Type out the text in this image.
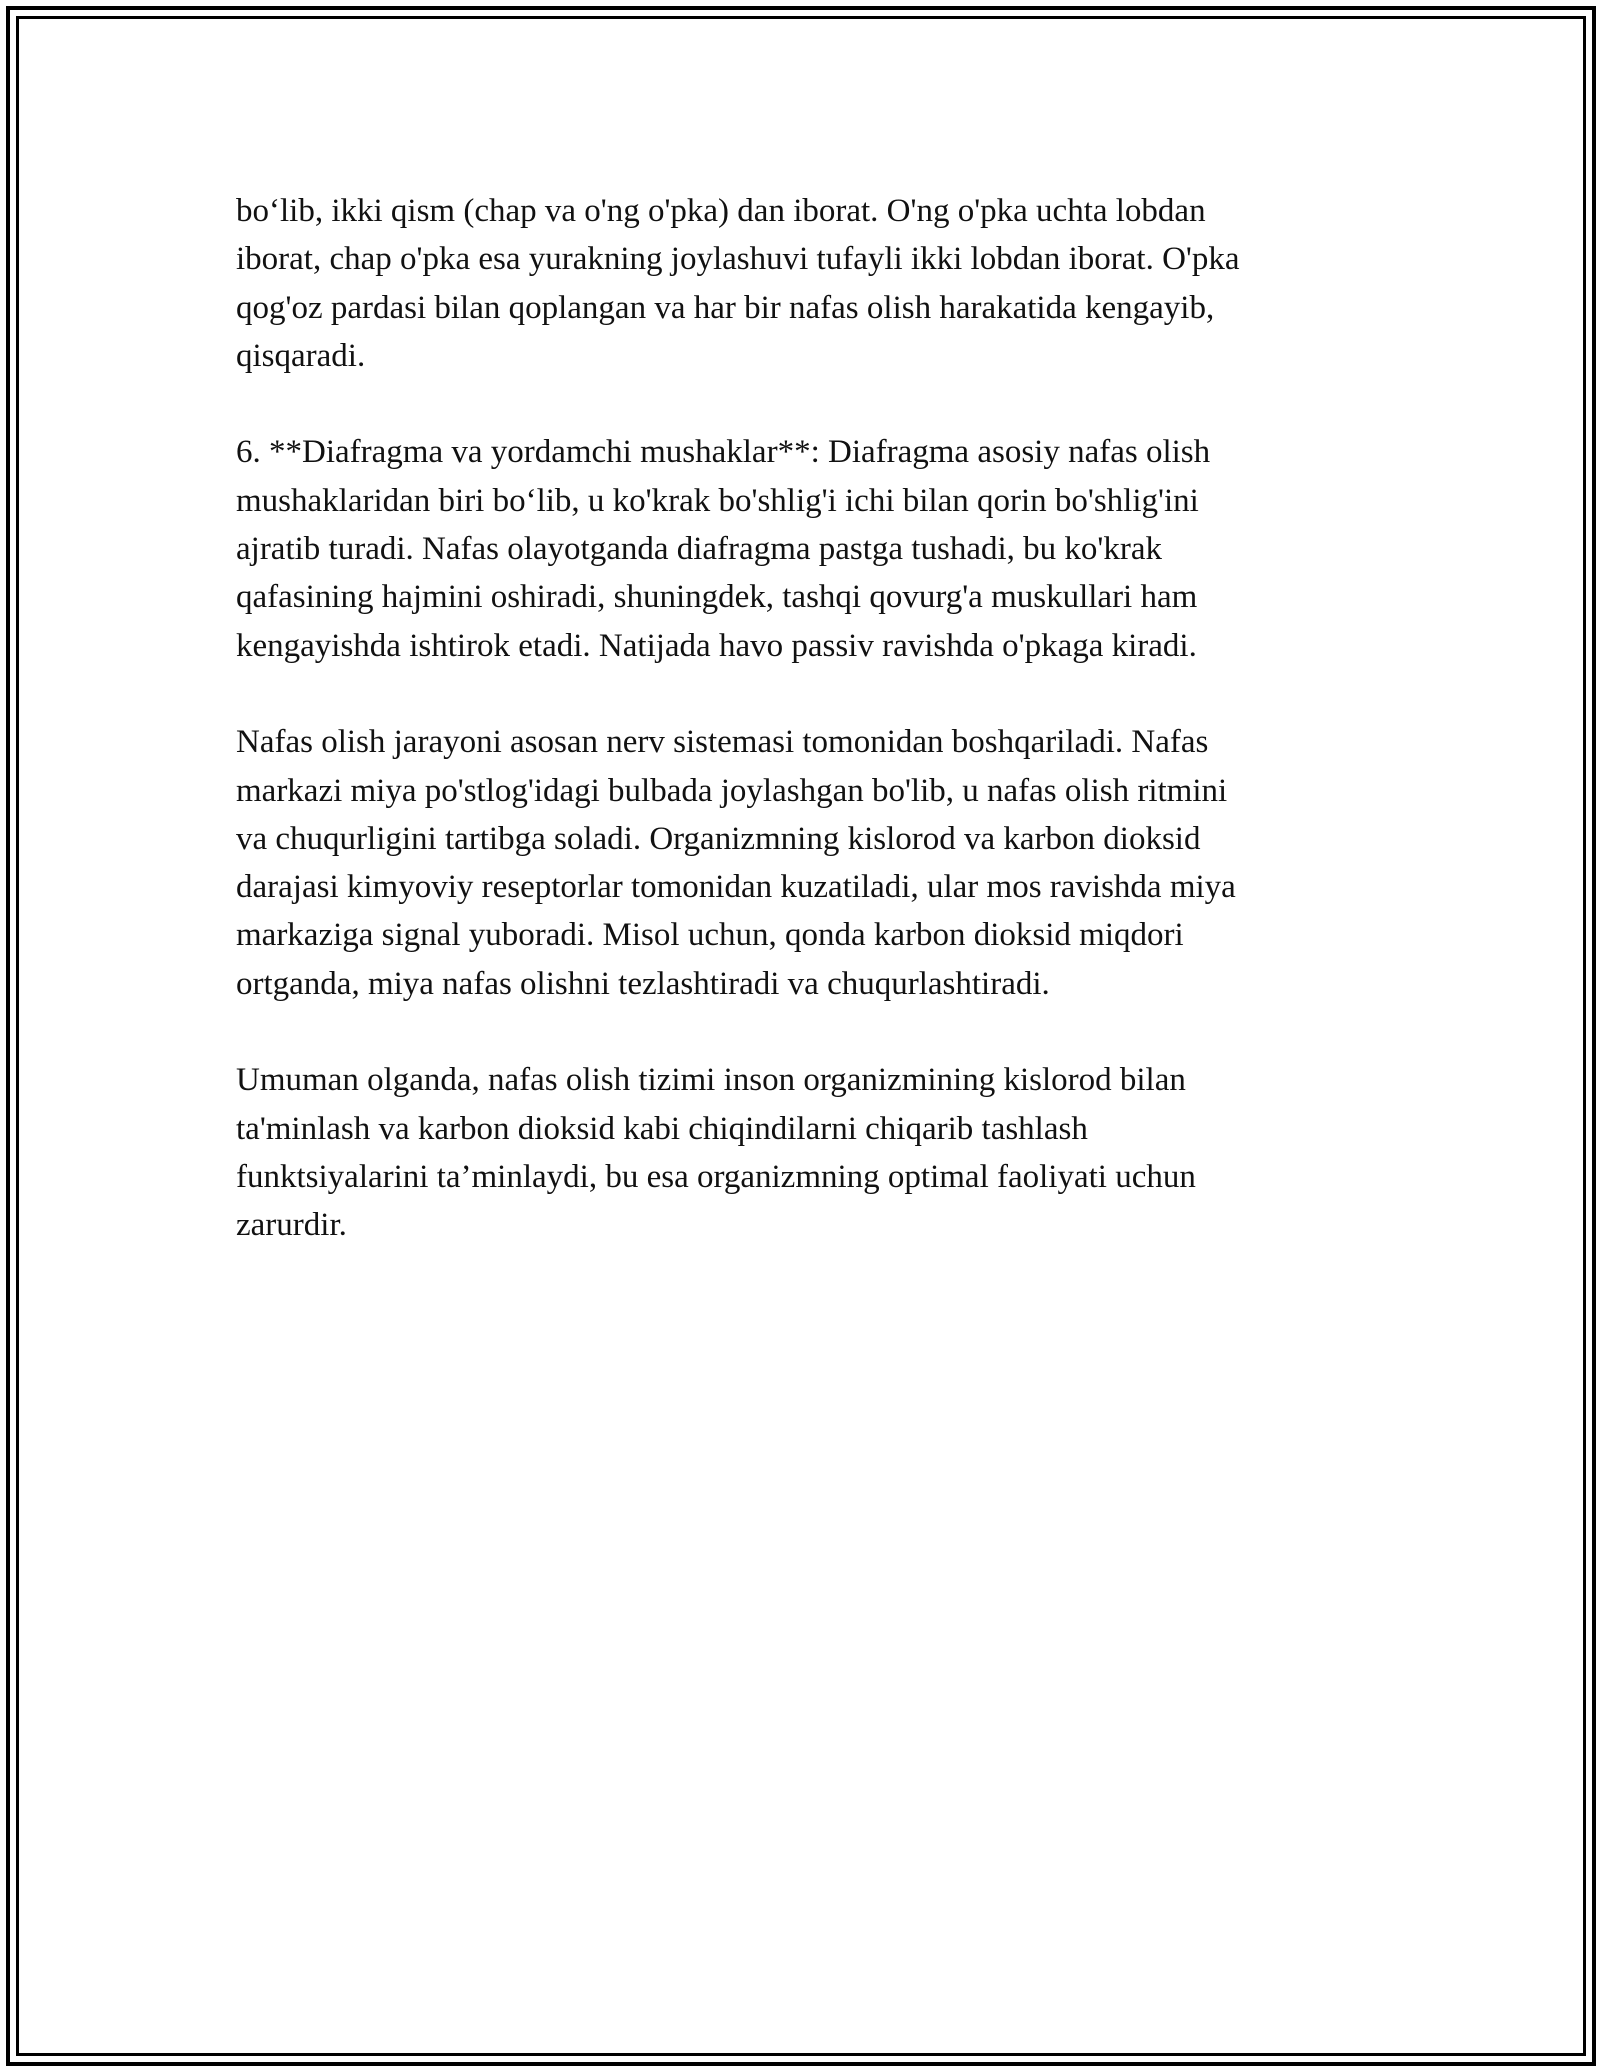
bo‘lib, ikki qism (chap va o'ng o'pka) dan iborat. O'ng o'pka uchta lobdan
iborat, chap o'pka esa yurakning joylashuvi tufayli ikki lobdan iborat. O'pka
qog'oz pardasi bilan qoplangan va har bir nafas olish harakatida kengayib,
qisqaradi.

6. **Diafragma va yordamchi mushaklar**: Diafragma asosiy nafas olish
mushaklaridan biri bo‘lib, u ko'krak bo'shlig'i ichi bilan qorin bo'shlig'ini
ajratib turadi. Nafas olayotganda diafragma pastga tushadi, bu ko'krak
qafasining hajmini oshiradi, shuningdek, tashqi qovurg'a muskullari ham
kengayishda ishtirok etadi. Natijada havo passiv ravishda o'pkaga kiradi.

Nafas olish jarayoni asosan nerv sistemasi tomonidan boshqariladi. Nafas
markazi miya po'stlog'idagi bulbada joylashgan bo'lib, u nafas olish ritmini
va chuqurligini tartibga soladi. Organizmning kislorod va karbon dioksid
darajasi kimyoviy reseptorlar tomonidan kuzatiladi, ular mos ravishda miya
markaziga signal yuboradi. Misol uchun, qonda karbon dioksid miqdori
ortganda, miya nafas olishni tezlashtiradi va chuqurlashtiradi.

Umuman olganda, nafas olish tizimi inson organizmining kislorod bilan
ta'minlash va karbon dioksid kabi chiqindilarni chiqarib tashlash
funktsiyalarini ta’minlaydi, bu esa organizmning optimal faoliyati uchun
zarurdir.
